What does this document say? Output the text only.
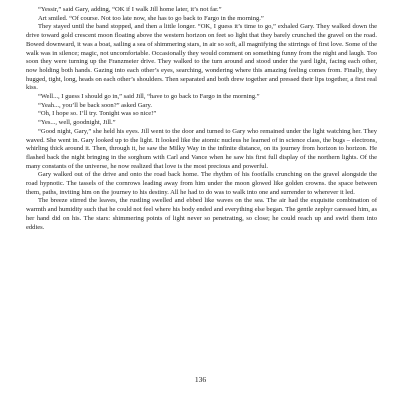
“Yessir,” said Gary, adding, “OK if I walk Jill home later, it’s not far.”

Art smiled. “Of course. Not too late now, she has to go back to Fargo in the morning.”

They stayed until the band stopped, and then a little longer. “OK, I guess it’s time to go,” exhaled Gary. They walked down the drive toward gold crescent moon floating above the western horizon on feet so light that they barely crunched the gravel on the road. Bowed downward, it was a boat, sailing a sea of shimmering stars, in air so soft, all magnifying the stirrings of first love. Some of the walk was in silence; magic, not uncomfortable. Occasionally they would comment on something funny from the night and laugh. Too soon they were turning up the Franzmeier drive. They walked to the turn around and stood under the yard light, facing each other, now holding both hands. Gazing into each other’s eyes, searching, wondering where this amazing feeling comes from. Finally, they hugged, tight, long, heads on each other’s shoulders. Then separated and both drew together and pressed their lips together, a first real kiss.

“Well..., I guess I should go in,” said Jill, “have to go back to Fargo in the morning.”

“Yeah..., you’ll be back soon?” asked Gary.

“Oh, I hope so. I’ll try. Tonight was so nice!”

“Yes..., well, goodnight, Jill.”

“Good night, Gary,” she held his eyes. Jill went to the door and turned to Gary who remained under the light watching her. They waved. She went in. Gary looked up to the light. It looked like the atomic nucleus he learned of in science class, the bugs – electrons, whirling thick around it. Then, through it, he saw the Milky Way in the infinite distance, on its journey from horizon to horizon. He flashed back the night bringing in the sorghum with Carl and Vance when he saw his first full display of the northern lights. Of the many constants of the universe, he now realized that love is the most precious and powerful.

Gary walked out of the drive and onto the road back home. The rhythm of his footfalls crunching on the gravel alongside the road hypnotic. The tassels of the cornrows leading away from him under the moon glowed like golden crowns. the space between them, paths, inviting him on the journey to his destiny. All he had to do was to walk into one and surrender to wherever it led.

The breeze stirred the leaves, the rustling swelled and ebbed like waves on the sea. The air had the exquisite combination of warmth and humidity such that he could not feel where his body ended and everything else began. The gentle zephyr caressed him, as her hand did on his. The stars: shimmering points of light never so penetrating, so close; he could reach up and swirl them into eddies.

136
